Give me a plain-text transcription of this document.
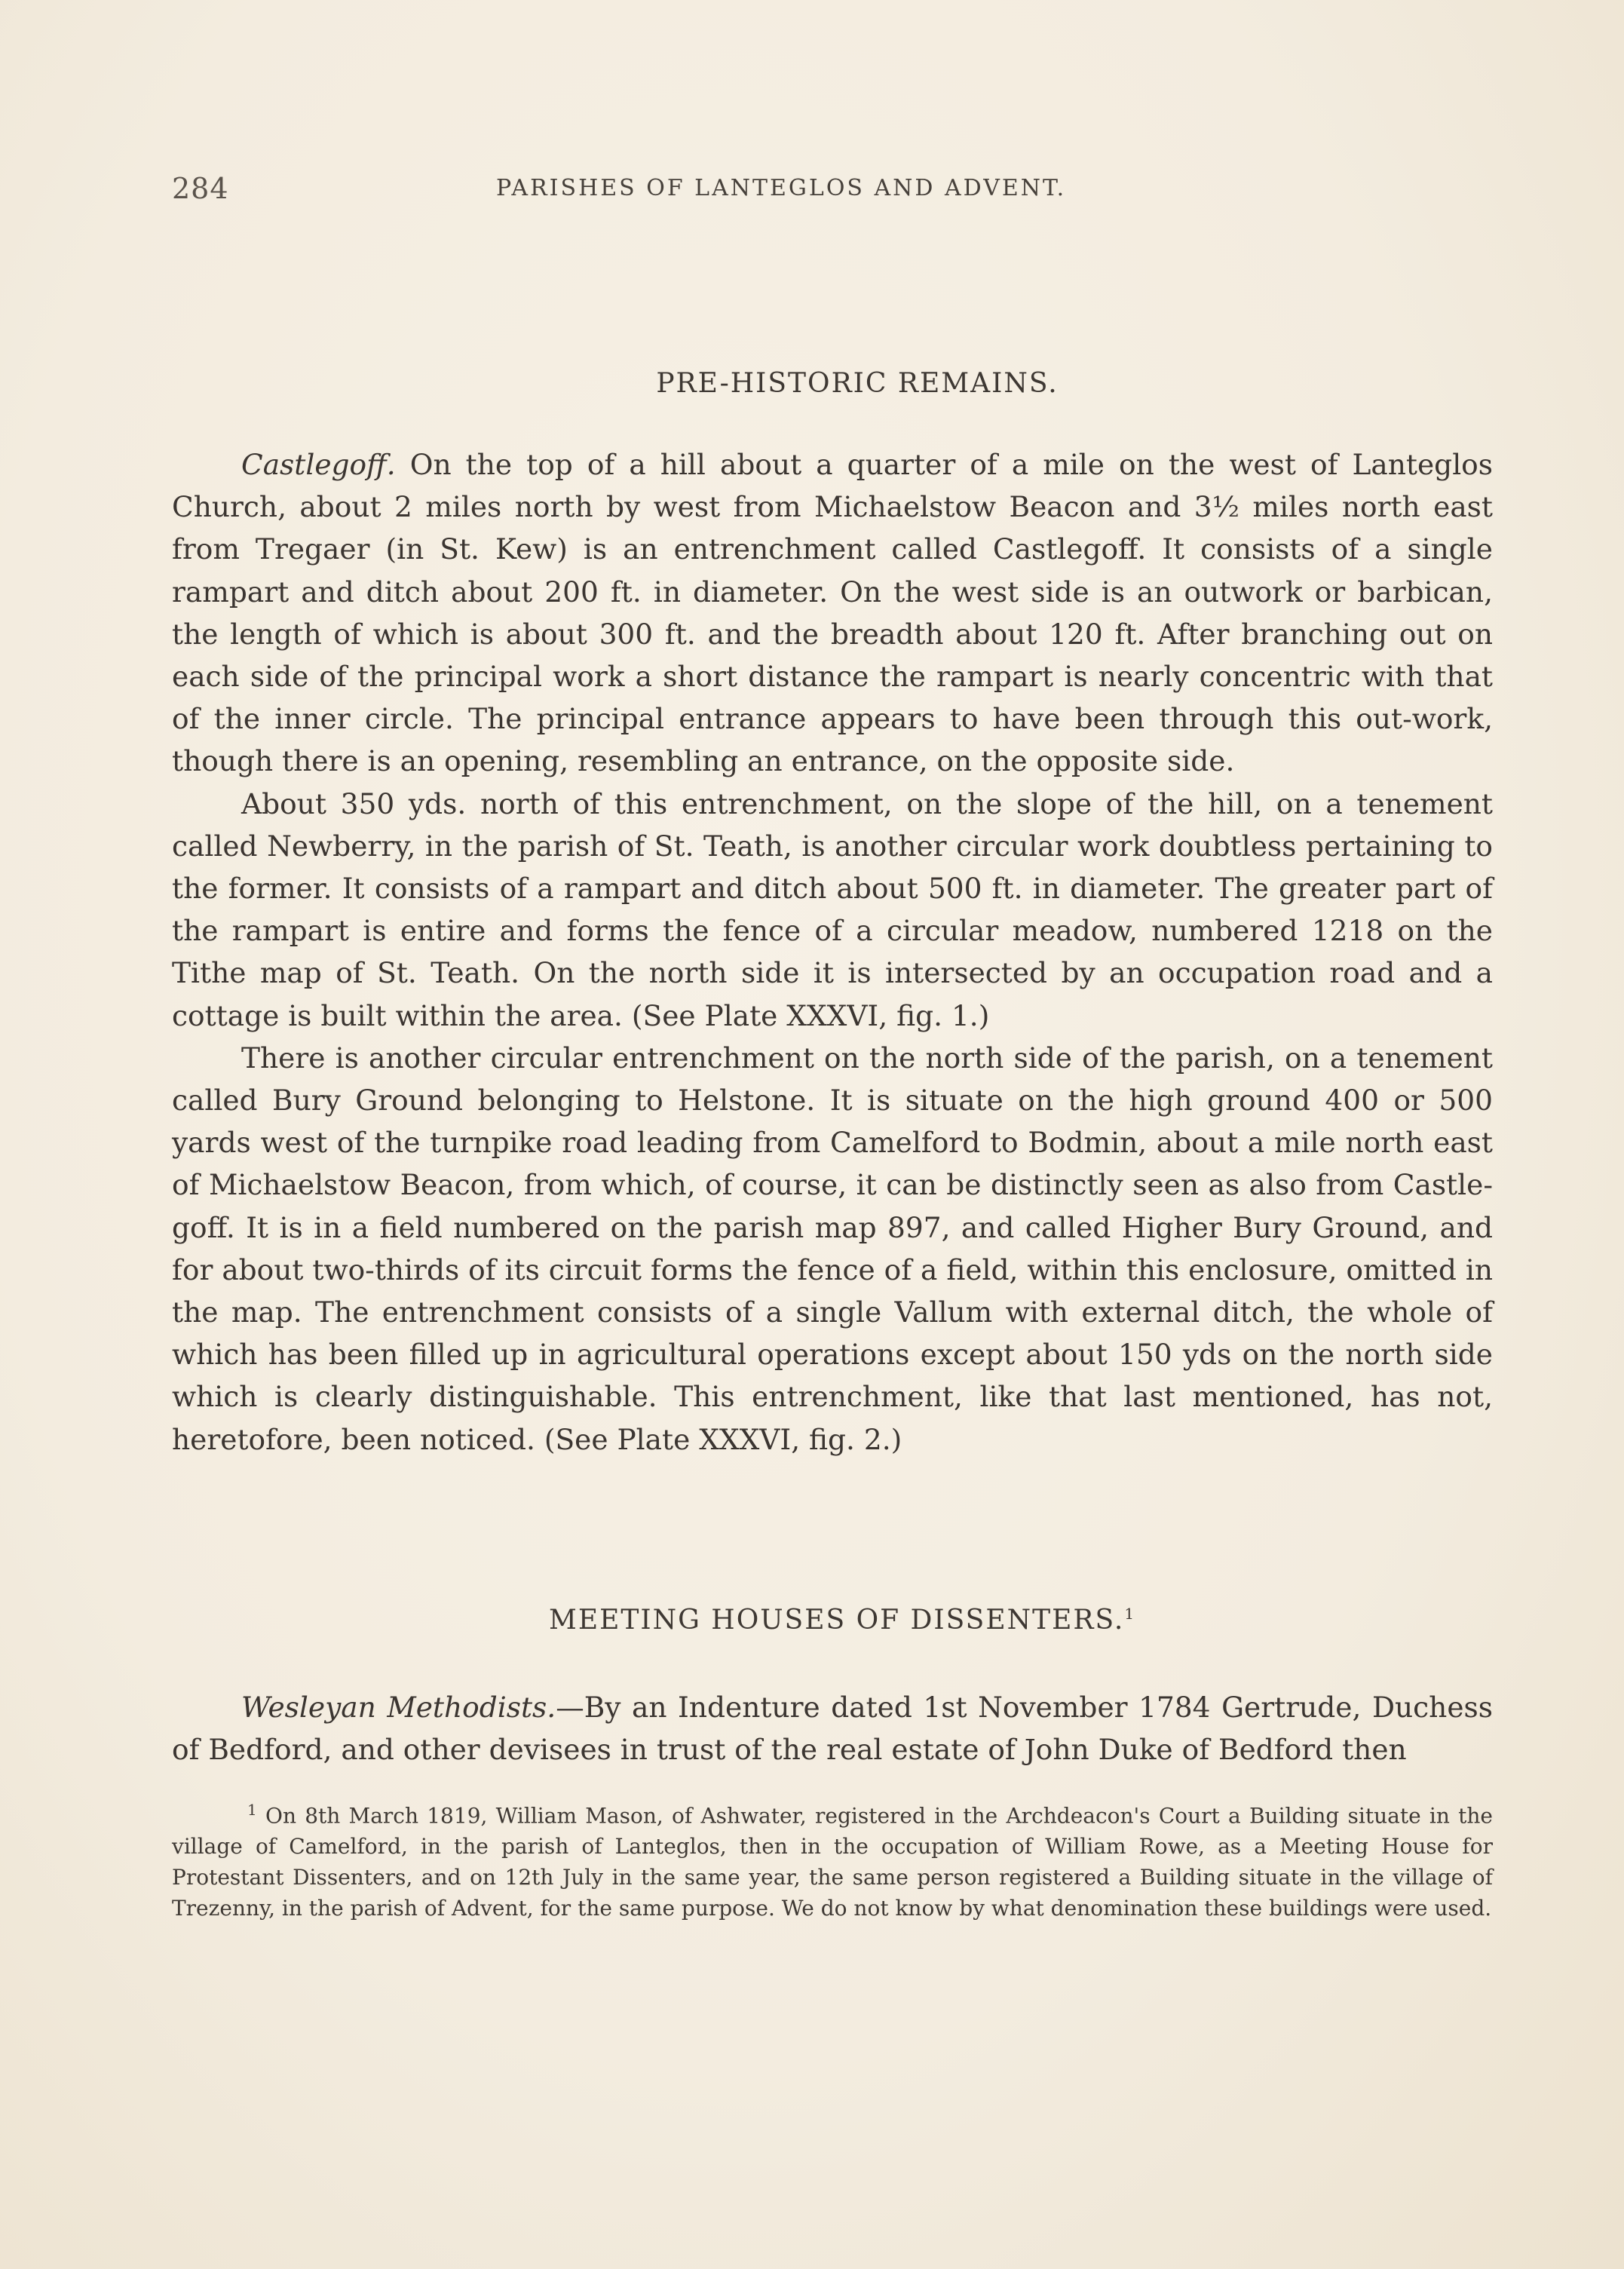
284	PARISHES OF LANTEGLOS AND ADVENT.
PRE-HISTORIC REMAINS.

Castlegoff. On the top of a hill about a quarter of a mile on the west of Lanteglos Church, about 2 miles north by west from Michaelstow Beacon and 3½ miles north east from Tregaer (in St. Kew) is an entrenchment called Castlegoff. It consists of a single rampart and ditch about 200 ft. in diameter. On the west side is an outwork or barbican, the length of which is about 300 ft. and the breadth about 120 ft. After branching out on each side of the principal work a short distance the rampart is nearly concentric with that of the inner circle. The principal entrance appears to have been through this out-work, though there is an opening, resembling an entrance, on the opposite side.

About 350 yds. north of this entrenchment, on the slope of the hill, on a tenement called Newberry, in the parish of St. Teath, is another circular work doubtless pertaining to the former. It consists of a rampart and ditch about 500 ft. in diameter. The greater part of the rampart is entire and forms the fence of a circular meadow, numbered 1218 on the Tithe map of St. Teath. On the north side it is intersected by an occupation road and a cottage is built within the area. (See Plate XXXVI, fig. 1.)

There is another circular entrenchment on the north side of the parish, on a tenement called Bury Ground belonging to Helstone. It is situate on the high ground 400 or 500 yards west of the turnpike road leading from Camelford to Bodmin, about a mile north east of Michaelstow Beacon, from which, of course, it can be distinctly seen as also from Castle-goff. It is in a field numbered on the parish map 897, and called Higher Bury Ground, and for about two-thirds of its circuit forms the fence of a field, within this enclosure, omitted in the map. The entrenchment consists of a single Vallum with external ditch, the whole of which has been filled up in agricultural operations except about 150 yds on the north side which is clearly distinguishable. This entrenchment, like that last mentioned, has not, heretofore, been noticed. (See Plate XXXVI, fig. 2.)

MEETING HOUSES OF DISSENTERS.$^1$

Wesleyan Methodists.—By an Indenture dated 1st November 1784 Gertrude, Duchess of Bedford, and other devisees in trust of the real estate of John Duke of Bedford then

$^1$ On 8th March 1819, William Mason, of Ashwater, registered in the Archdeacon's Court a Building situate in the village of Camelford, in the parish of Lanteglos, then in the occupation of William Rowe, as a Meeting House for Protestant Dissenters, and on 12th July in the same year, the same person registered a Building situate in the village of Trezenny, in the parish of Advent, for the same purpose. We do not know by what denomination these buildings were used.
